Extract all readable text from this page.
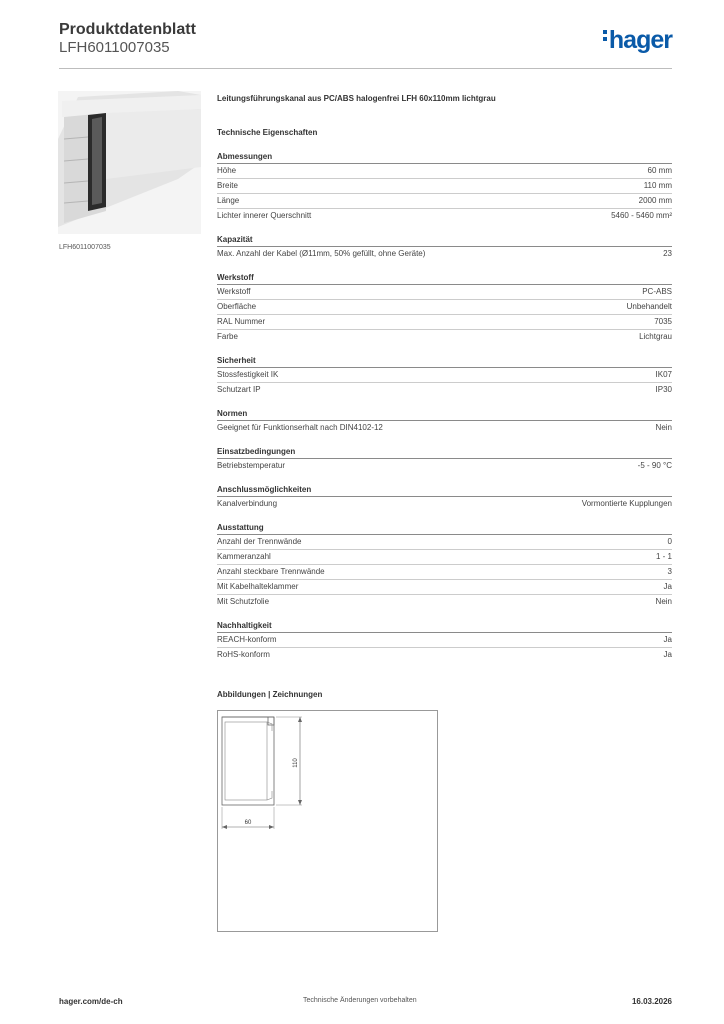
Produktdatenblatt
LFH6011007035	hager
LFH6011007035
Leitungsführungskanal aus PC/ABS halogenfrei LFH 60x110mm lichtgrau
Technische Eigenschaften
Abmessungen
Höhe	60 mm
Breite	110 mm
Länge	2000 mm
Lichter innerer Querschnitt	5460 - 5460 mm²
Kapazität
Max. Anzahl der Kabel (Ø11mm, 50% gefüllt, ohne Geräte)	23
Werkstoff
Werkstoff	PC-ABS
Oberfläche	Unbehandelt
RAL Nummer	7035
Farbe	Lichtgrau
Sicherheit
Stossfestigkeit IK	IK07
Schutzart IP	IP30
Normen
Geeignet für Funktionserhalt nach DIN4102-12	Nein
Einsatzbedingungen
Betriebstemperatur	-5 - 90 °C
Anschlussmöglichkeiten
Kanalverbindung	Vormontierte Kupplungen
Ausstattung
Anzahl der Trennwände	0
Kammeranzahl	1 - 1
Anzahl steckbare Trennwände	3
Mit Kabelhalteklammer	Ja
Mit Schutzfolie	Nein
Nachhaltigkeit
REACH-konform	Ja
RoHS-konform	Ja
Abbildungen | Zeichnungen
110
60
hager.com/de-ch	Technische Änderungen vorbehalten	16.03.2026
